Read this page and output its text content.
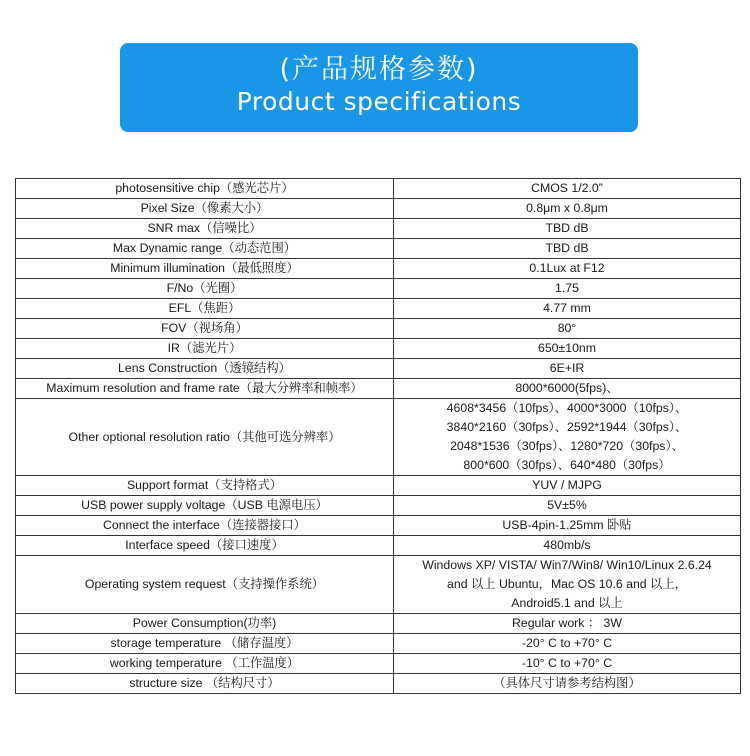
(产品规格参数)
Product specifications
photosensitive chip（感光芯片）	CMOS 1/2.0”
Pixel Size（像素大小）	0.8μm x 0.8μm
SNR max（信噪比）	TBD dB
Max Dynamic range（动态范围）	TBD dB
Minimum illumination（最低照度）	0.1Lux at F12
F/No（光圈）	1.75
EFL（焦距）	4.77 mm
FOV（视场角）	80°
IR（滤光片）	650±10nm
Lens Construction（透镜结构）	6E+IR
Maximum resolution and frame rate（最大分辨率和帧率）	8000*6000(5fps)、
Other optional resolution ratio（其他可选分辨率）	4608*3456（10fps）、4000*3000（10fps）、
3840*2160（30fps）、2592*1944（30fps）、
2048*1536（30fps）、1280*720（30fps）、
800*600（30fps）、640*480（30fps）

Support format（支持格式）	YUV / MJPG
USB power supply voltage（USB 电源电压）	5V±5%
Connect the interface（连接器接口）	USB-4pin-1.25mm 卧贴
Interface speed（接口速度）	480mb/s
Operating system request（支持操作系统）	Windows XP/ VISTA/ Win7/Win8/ Win10/Linux 2.6.24
and 以上 Ubuntu，Mac OS 10.6 and 以上，
Android5.1 and 以上

Power Consumption(功率)	Regular work ： 3W
storage temperature （储存温度）	-20° C to +70° C
working temperature （工作温度）	-10° C to +70° C
structure size （结构尺寸）	（具体尺寸请参考结构图）
